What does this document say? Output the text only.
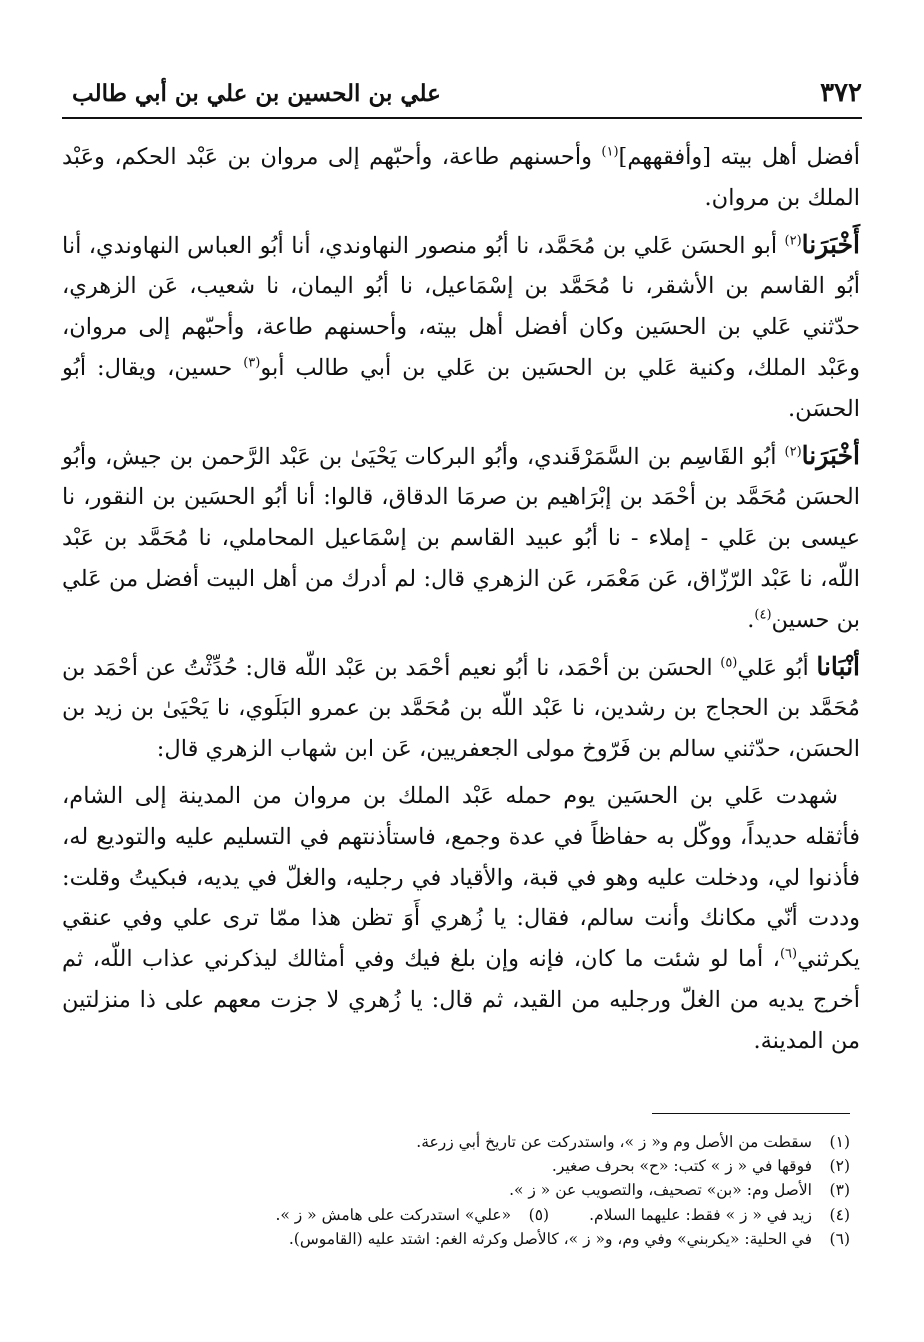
٣٧٢
علي بن الحسين بن علي بن أبي طالب

أفضل أهل بيته [وأفقههم]$^{(١)}$ وأحسنهم طاعة، وأحبّهم إلى مروان بن عَبْد الحكم، وعَبْد الملك بن مروان.

أَخْبَرَنا$^{(٢)}$ أبو الحسَن عَلي بن مُحَمَّد، نا أبُو منصور النهاوندي، أنا أبُو العباس النهاوندي، أنا أبُو القاسم بن الأشقر، نا مُحَمَّد بن إسْمَاعيل، نا أبُو اليمان، نا شعيب، عَن الزهري، حدّثني عَلي بن الحسَين وكان أفضل أهل بيته، وأحسنهم طاعة، وأحبّهم إلى مروان، وعَبْد الملك، وكنية عَلي بن الحسَين بن عَلي بن أبي طالب أبو$^{(٣)}$ حسين، ويقال: أبُو الحسَن.

أخْبَرَنا$^{(٢)}$ أبُو القَاسِم بن السَّمَرْقَندي، وأبُو البركات يَحْيَىٰ بن عَبْد الرَّحمن بن جيش، وأبُو الحسَن مُحَمَّد بن أحْمَد بن إبْرَاهيم بن صرمَا الدقاق، قالوا: أنا أبُو الحسَين بن النقور، نا عيسى بن عَلي - إملاء - نا أبُو عبيد القاسم بن إسْمَاعيل المحاملي، نا مُحَمَّد بن عَبْد اللّه، نا عَبْد الرّزّاق، عَن مَعْمَر، عَن الزهري قال: لم أدرك من أهل البيت أفضل من عَلي بن حسين$^{(٤)}$.

أنْبَانا أبُو عَلي$^{(٥)}$ الحسَن بن أحْمَد، نا أبُو نعيم أحْمَد بن عَبْد اللّه قال: حُدِّثْتُ عن أحْمَد بن مُحَمَّد بن الحجاج بن رشدين، نا عَبْد اللّه بن مُحَمَّد بن عمرو البَلَوي، نا يَحْيَىٰ بن زيد بن الحسَن، حدّثني سالم بن فَرّوخ مولى الجعفريين، عَن ابن شهاب الزهري قال:

شهدت عَلي بن الحسَين يوم حمله عَبْد الملك بن مروان من المدينة إلى الشام، فأثقله حديداً، ووكّل به حفاظاً في عدة وجمع، فاستأذنتهم في التسليم عليه والتوديع له، فأذنوا لي، ودخلت عليه وهو في قبة، والأقياد في رجليه، والغلّ في يديه، فبكيتُ وقلت: وددت أنّي مكانك وأنت سالم، فقال: يا زُهري أَوَ تظن هذا ممّا ترى علي وفي عنقي يكرثني$^{(٦)}$، أما لو شئت ما كان، فإنه وإن بلغ فيك وفي أمثالك ليذكرني عذاب اللّه، ثم أخرج يديه من الغلّ ورجليه من القيد، ثم قال: يا زُهري لا جزت معهم على ذا منزلتين من المدينة.

(١)
سقطت من الأصل وم و« ز »، واستدركت عن تاريخ أبي زرعة.
(٢)
فوقها في « ز » كتب: «ح» بحرف صغير.
(٣)
الأصل وم: «بن» تصحيف، والتصويب عن « ز ».
(٤)
زيد في « ز » فقط: عليهما السلام.
(٥)
«علي» استدركت على هامش « ز ».
(٦)
في الحلية: «يكربني» وفي وم، و« ز »، كالأصل وكرثه الغم: اشتد عليه (القاموس).
